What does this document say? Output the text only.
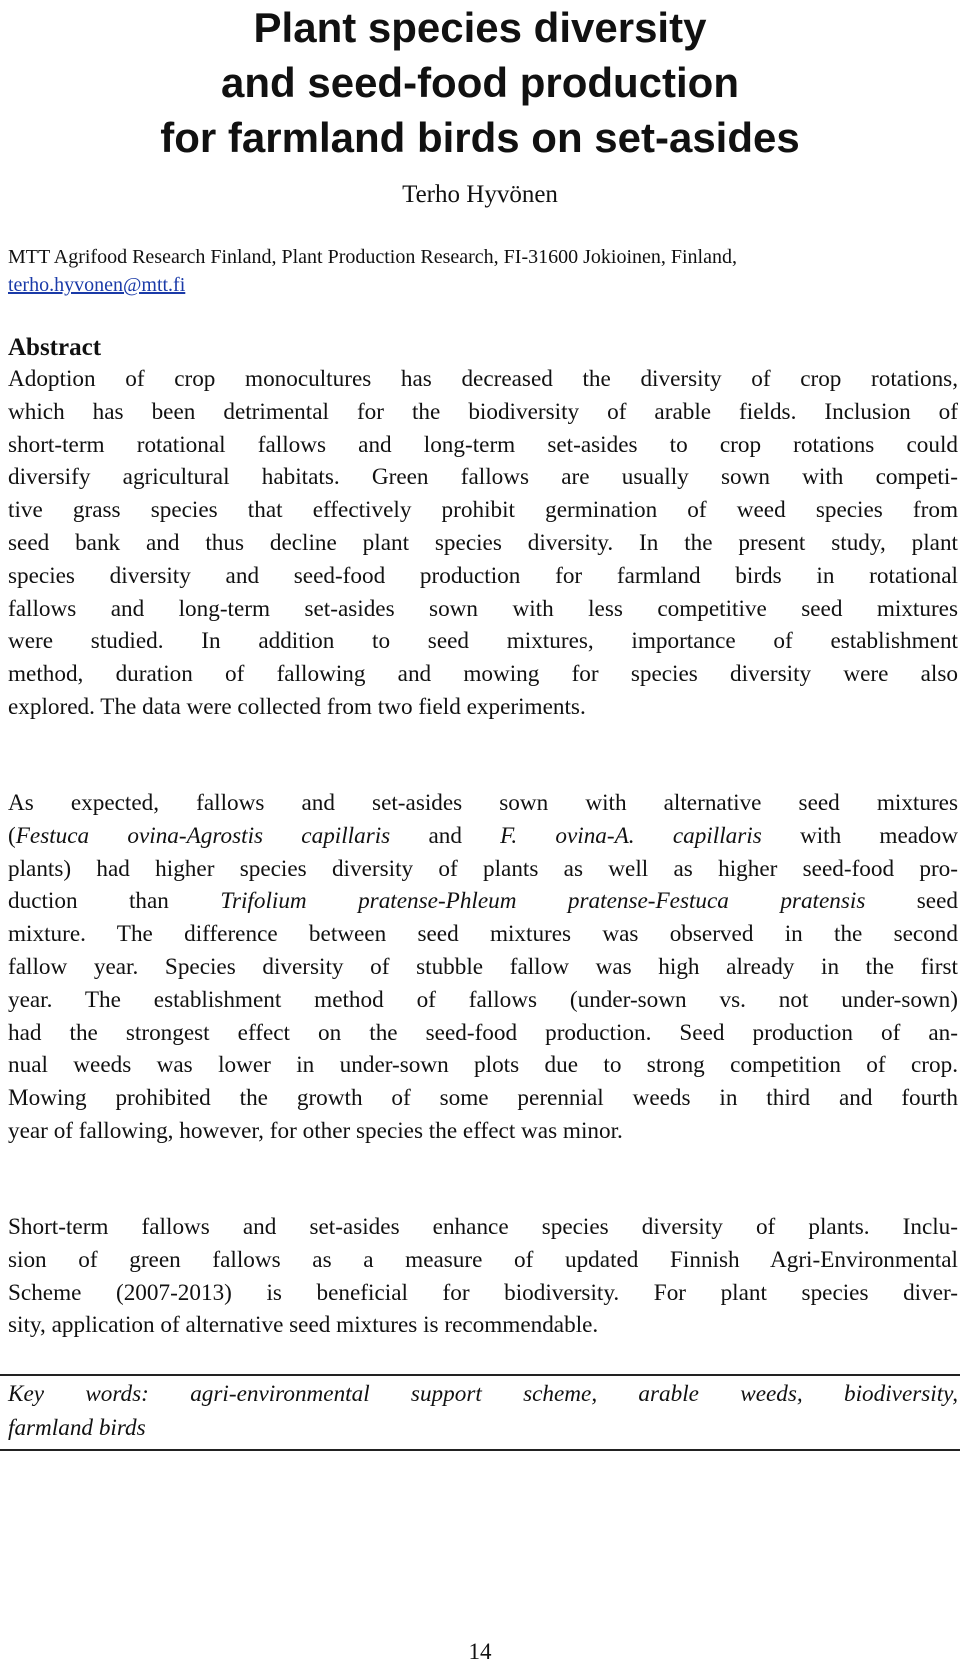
Plant species diversity
and seed-food production
for farmland birds on set-asides
Terho Hyvönen
MTT Agrifood Research Finland, Plant Production Research, FI-31600 Jokioinen, Finland,
terho.hyvonen@mtt.fi
Abstract
Adoption of crop monocultures has decreased the diversity of crop rotations,
which has been detrimental for the biodiversity of arable fields. Inclusion of
short-term rotational fallows and long-term set-asides to crop rotations could
diversify agricultural habitats. Green fallows are usually sown with competi-
tive grass species that effectively prohibit germination of weed species from
seed bank and thus decline plant species diversity. In the present study, plant
species diversity and seed-food production for farmland birds in rotational
fallows and long-term set-asides sown with less competitive seed mixtures
were studied. In addition to seed mixtures, importance of establishment
method, duration of fallowing and mowing for species diversity were also
explored. The data were collected from two field experiments.
As expected, fallows and set-asides sown with alternative seed mixtures
(Festuca ovina-Agrostis capillaris and F. ovina-A. capillaris with meadow
plants) had higher species diversity of plants as well as higher seed-food pro-
duction than Trifolium pratense-Phleum pratense-Festuca pratensis seed
mixture. The difference between seed mixtures was observed in the second
fallow year. Species diversity of stubble fallow was high already in the first
year. The establishment method of fallows (under-sown vs. not under-sown)
had the strongest effect on the seed-food production. Seed production of an-
nual weeds was lower in under-sown plots due to strong competition of crop.
Mowing prohibited the growth of some perennial weeds in third and fourth
year of fallowing, however, for other species the effect was minor.
Short-term fallows and set-asides enhance species diversity of plants. Inclu-
sion of green fallows as a measure of updated Finnish Agri-Environmental
Scheme (2007-2013) is beneficial for biodiversity. For plant species diver-
sity, application of alternative seed mixtures is recommendable.
Key words: agri-environmental support scheme, arable weeds, biodiversity,
farmland birds
14
